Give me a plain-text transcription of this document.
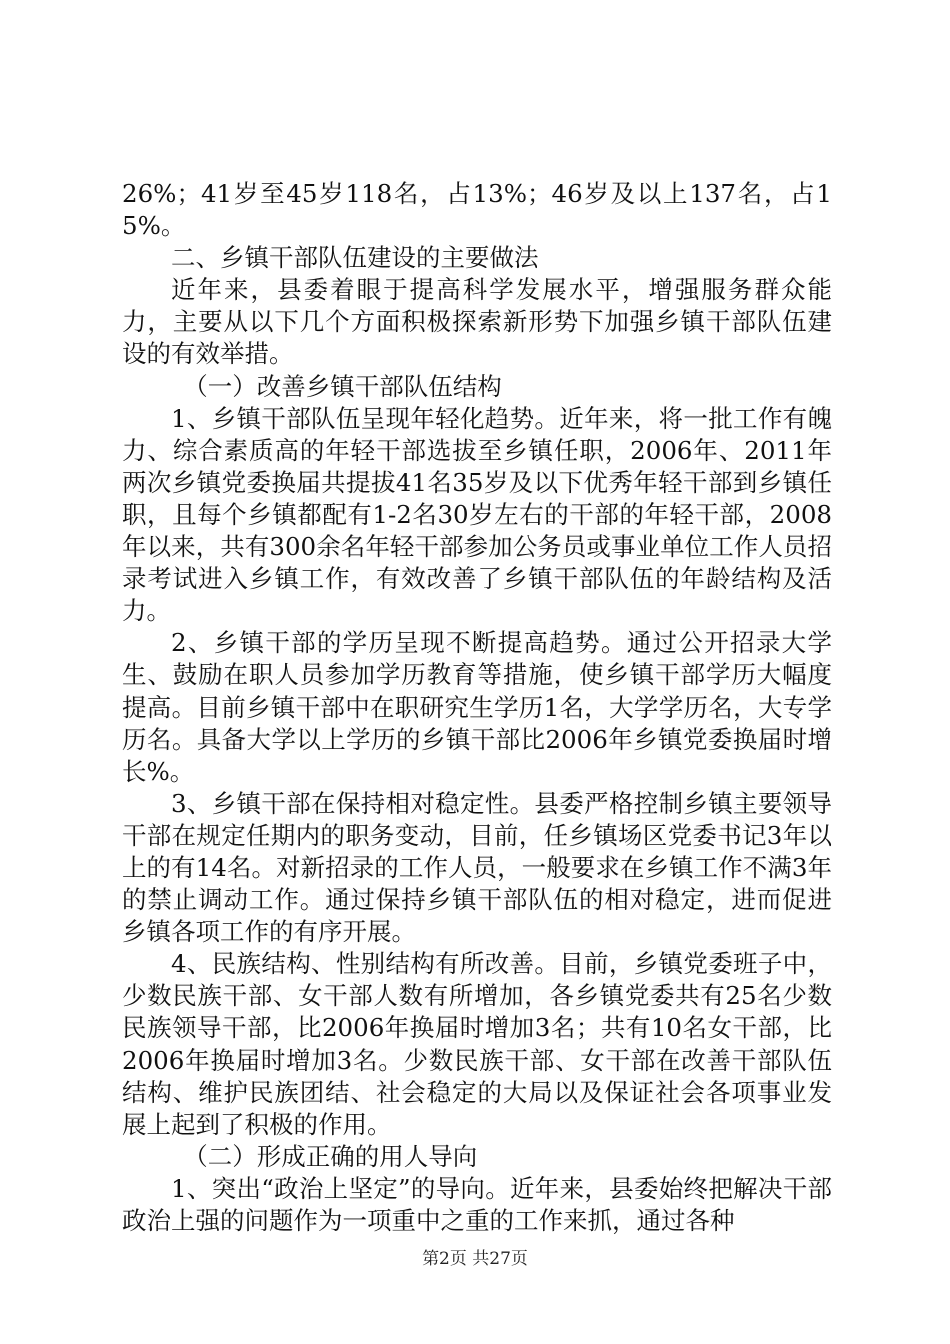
26%；41岁至45岁118名，占13%；46岁及以上137名，占15%。

二、乡镇干部队伍建设的主要做法

近年来，县委着眼于提高科学发展水平，增强服务群众能力，主要从以下几个方面积极探索新形势下加强乡镇干部队伍建设的有效举措。

（一）改善乡镇干部队伍结构

1、乡镇干部队伍呈现年轻化趋势。近年来，将一批工作有魄力、综合素质高的年轻干部选拔至乡镇任职，2006年、2011年两次乡镇党委换届共提拔41名35岁及以下优秀年轻干部到乡镇任职，且每个乡镇都配有1-2名30岁左右的干部的年轻干部，2008年以来，共有300余名年轻干部参加公务员或事业单位工作人员招录考试进入乡镇工作，有效改善了乡镇干部队伍的年龄结构及活力。

2、乡镇干部的学历呈现不断提高趋势。通过公开招录大学生、鼓励在职人员参加学历教育等措施，使乡镇干部学历大幅度提高。目前乡镇干部中在职研究生学历1名，大学学历名，大专学历名。具备大学以上学历的乡镇干部比2006年乡镇党委换届时增长%。

3、乡镇干部在保持相对稳定性。县委严格控制乡镇主要领导干部在规定任期内的职务变动，目前，任乡镇场区党委书记3年以上的有14名。对新招录的工作人员，一般要求在乡镇工作不满3年的禁止调动工作。通过保持乡镇干部队伍的相对稳定，进而促进乡镇各项工作的有序开展。

4、民族结构、性别结构有所改善。目前，乡镇党委班子中，少数民族干部、女干部人数有所增加，各乡镇党委共有25名少数民族领导干部，比2006年换届时增加3名；共有10名女干部，比2006年换届时增加3名。少数民族干部、女干部在改善干部队伍结构、维护民族团结、社会稳定的大局以及保证社会各项事业发展上起到了积极的作用。

（二）形成正确的用人导向

1、突出“政治上坚定”的导向。近年来，县委始终把解决干部政治上强的问题作为一项重中之重的工作来抓，通过各种

第2页 共27页
